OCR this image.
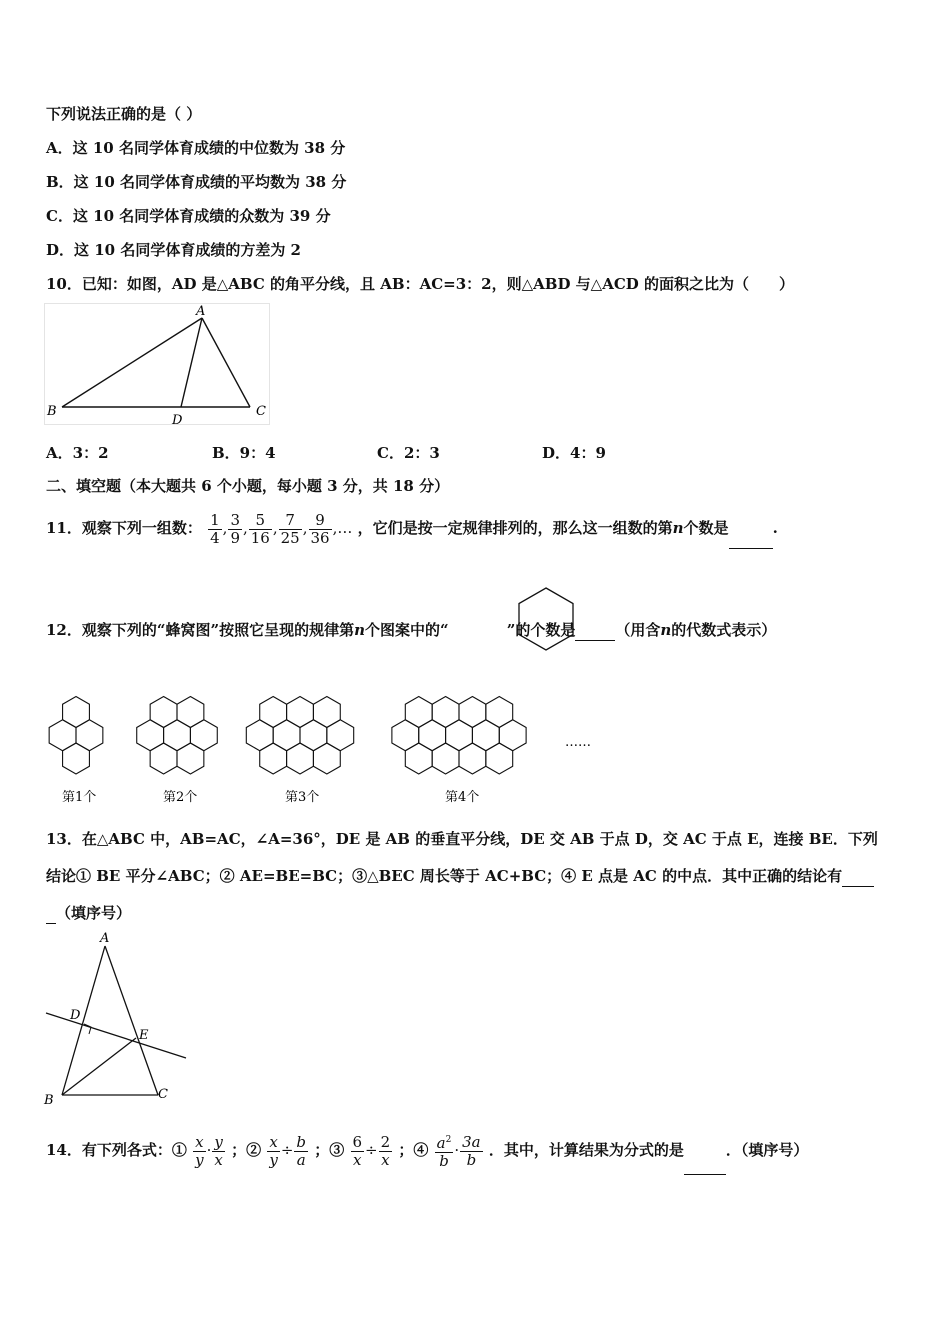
下列说法正确的是（ ）
A．这 10 名同学体育成绩的中位数为 38 分
B．这 10 名同学体育成绩的平均数为 38 分
C．这 10 名同学体育成绩的众数为 39 分
D．这 10 名同学体育成绩的方差为 2
10．已知：如图，AD 是△ABC 的角平分线，且 AB：AC=3：2，则△ABD 与△ACD 的面积之比为（　　）
A
B	C
D
A．3：2	B．9：4	C．2：3	D．4：9
二、填空题（本大题共 6 个小题，每小题 3 分，共 18 分）
11．观察下列一组数： $\frac{1}{4}$ , $\frac{3}{9}$ , $\frac{5}{16}$ , $\frac{7}{25}$ , $\frac{9}{36}$ ,… ，它们是按一定规律排列的，那么这一组数的第n个数是	.
12．观察下列的“蜂窝图”按照它呈现的规律第n个图案中的“	”的个数是	（用含n的代数式表示）
第1个	第2个	第3个	第4个
……
13．在△ABC 中，AB=AC，∠A=36°，DE 是 AB 的垂直平分线，DE 交 AB 于点 D，交 AC 于点 E，连接 BE．下列
结论① BE 平分∠ABC；② AE=BE=BC；③△BEC 周长等于 AC+BC；④ E 点是 AC 的中点．其中正确的结论有
（填序号）
A
B	C
D
E
14．有下列各式：① $\frac{x}{y} \cdot \frac{y}{x}$ ；② $\frac{x}{y} \div \frac{b}{a}$ ；③ $\frac{6}{x} \div \frac{2}{x}$ ；④ $\frac{a^2}{b} \cdot \frac{3a}{b}$ ．其中，计算结果为分式的是	．（填序号）
